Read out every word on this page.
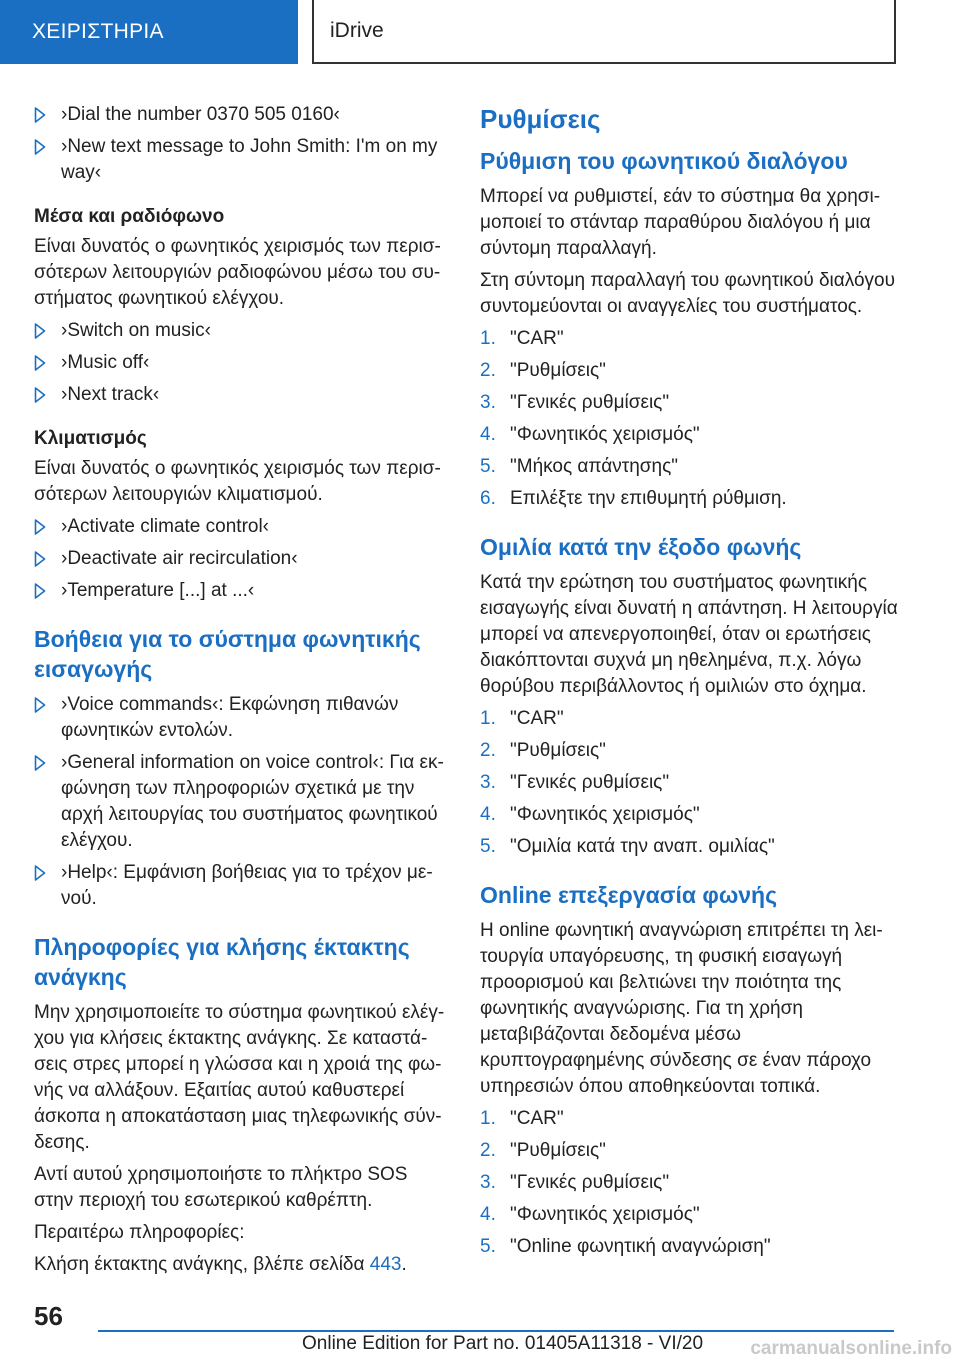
ΧΕΙΡΙΣΤΗΡΙΑ	iDrive
›Dial the number 0370 505 0160‹
›New text message to John Smith: I'm on my way‹
Μέσα και ραδιόφωνο

Είναι δυνατός ο φωνητικός χειρισμός των περισσότερων λειτουργιών ραδιοφώνου μέσω του συστήματος φωνητικού ελέγχου.

›Switch on music‹
›Music off‹
›Next track‹
Κλιματισμός

Είναι δυνατός ο φωνητικός χειρισμός των περισσότερων λειτουργιών κλιματισμού.

›Activate climate control‹
›Deactivate air recirculation‹
›Temperature [...] at ...‹
Βοήθεια για το σύστημα φωνητικής εισαγωγής
›Voice commands‹: Εκφώνηση πιθανών φωνητικών εντολών.
›General information on voice control‹: Για εκφώνηση των πληροφοριών σχετικά με την αρχή λειτουργίας του συστήματος φωνητικού ελέγχου.
›Help‹: Εμφάνιση βοήθειας για το τρέχον μενού.
Πληροφορίες για κλήσης έκτακτης ανάγκης

Μην χρησιμοποιείτε το σύστημα φωνητικού ελέγχου για κλήσεις έκτακτης ανάγκης. Σε καταστάσεις στρες μπορεί η γλώσσα και η χροιά της φωνής να αλλάξουν. Εξαιτίας αυτού καθυστερεί άσκοπα η αποκατάσταση μιας τηλεφωνικής σύνδεσης.

Αντί αυτού χρησιμοποιήστε το πλήκτρο SOS στην περιοχή του εσωτερικού καθρέπτη.

Περαιτέρω πληροφορίες:

Κλήση έκτακτης ανάγκης, βλέπε σελίδα 443.

Ρυθμίσεις
Ρύθμιση του φωνητικού διαλόγου

Μπορεί να ρυθμιστεί, εάν το σύστημα θα χρησιμοποιεί το στάνταρ παραθύρου διαλόγου ή μια σύντομη παραλλαγή.

Στη σύντομη παραλλαγή του φωνητικού διαλόγου συντομεύονται οι αναγγελίες του συστήματος.

1. "CAR"
2. "Ρυθμίσεις"
3. "Γενικές ρυθμίσεις"
4. "Φωνητικός χειρισμός"
5. "Μήκος απάντησης"
6. Επιλέξτε την επιθυμητή ρύθμιση.
Ομιλία κατά την έξοδο φωνής

Κατά την ερώτηση του συστήματος φωνητικής εισαγωγής είναι δυνατή η απάντηση. Η λειτουργία μπορεί να απενεργοποιηθεί, όταν οι ερωτήσεις διακόπτονται συχνά μη ηθελημένα, π.χ. λόγω θορύβου περιβάλλοντος ή ομιλιών στο όχημα.

1. "CAR"
2. "Ρυθμίσεις"
3. "Γενικές ρυθμίσεις"
4. "Φωνητικός χειρισμός"
5. "Ομιλία κατά την αναπ. ομιλίας"
Online επεξεργασία φωνής

Η online φωνητική αναγνώριση επιτρέπει τη λειτουργία υπαγόρευσης, τη φυσική εισαγωγή προορισμού και βελτιώνει την ποιότητα της φωνητικής αναγνώρισης. Για τη χρήση μεταβιβάζονται δεδομένα μέσω κρυπτογραφημένης σύνδεσης σε έναν πάροχο υπηρεσιών όπου αποθηκεύονται τοπικά.

1. "CAR"
2. "Ρυθμίσεις"
3. "Γενικές ρυθμίσεις"
4. "Φωνητικός χειρισμός"
5. "Online φωνητική αναγνώριση"
56
Online Edition for Part no. 01405A11318 - VI/20 carmanualsonline.info
